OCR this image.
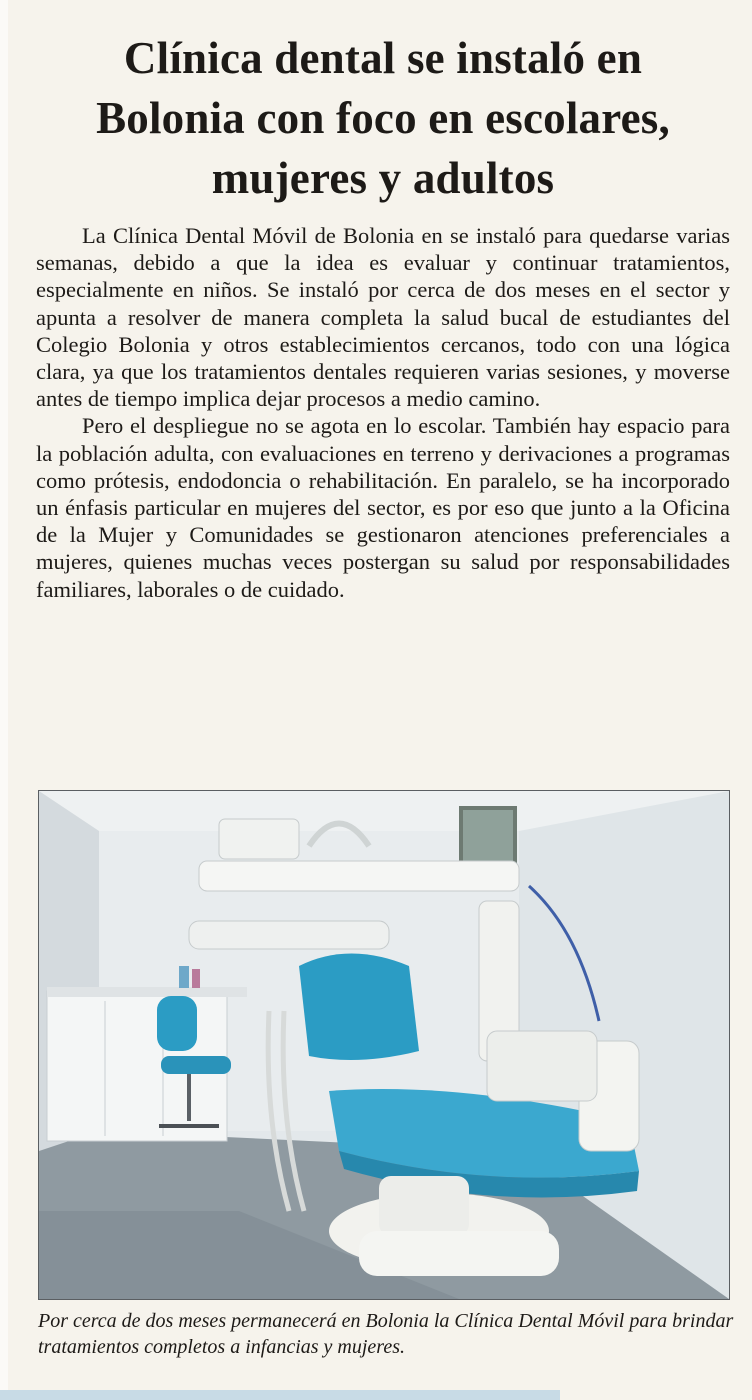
Clínica dental se instaló en
Bolonia con foco en escolares,
mujeres y adultos

La Clínica Dental Móvil de Bolonia en se instaló para quedarse varias semanas, debido a que la idea es evaluar y continuar tratamientos, especialmente en niños. Se instaló por cerca de dos meses en el sector y apunta a resolver de manera completa la salud bucal de estudiantes del Colegio Bolonia y otros establecimientos cercanos, todo con una lógica clara, ya que los tratamientos dentales requieren varias sesiones, y moverse antes de tiempo implica dejar procesos a medio camino.

Pero el despliegue no se agota en lo escolar. También hay espacio para la población adulta, con evaluaciones en terreno y derivaciones a programas como prótesis, endodoncia o rehabilitación. En paralelo, se ha incorporado un énfasis particular en mujeres del sector, es por eso que junto a la Oficina de la Mujer y Comunidades se gestionaron atenciones preferenciales a mujeres, quienes muchas veces postergan su salud por responsabilidades familiares, laborales o de cuidado.

Por cerca de dos meses permanecerá en Bolonia la Clínica Dental Móvil para brindar tratamientos completos a infancias y mujeres.
